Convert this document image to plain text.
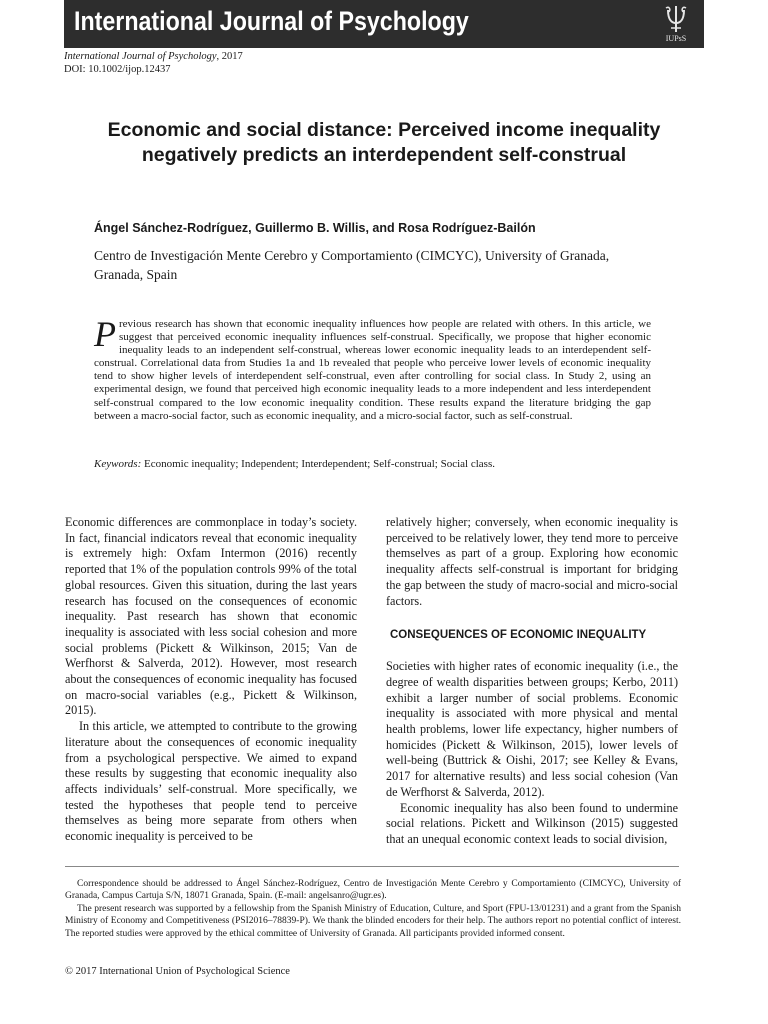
International Journal of Psychology
IUPsS
International Journal of Psychology, 2017
DOI: 10.1002/ijop.12437
Economic and social distance: Perceived income inequality negatively predicts an interdependent self-construal
Ángel Sánchez-Rodríguez, Guillermo B. Willis, and Rosa Rodríguez-Bailón
Centro de Investigación Mente Cerebro y Comportamiento (CIMCYC), University of Granada, Granada, Spain
Previous research has shown that economic inequality influences how people are related with others. In this article, we suggest that perceived economic inequality influences self-construal. Specifically, we propose that higher economic inequality leads to an independent self-construal, whereas lower economic inequality leads to an interdependent self-construal. Correlational data from Studies 1a and 1b revealed that people who perceive lower levels of economic inequality tend to show higher levels of interdependent self-construal, even after controlling for social class. In Study 2, using an experimental design, we found that perceived high economic inequality leads to a more independent and less interdependent self-construal compared to the low economic inequality condition. These results expand the literature bridging the gap between a macro-social factor, such as economic inequality, and a micro-social factor, such as self-construal.
Keywords: Economic inequality; Independent; Interdependent; Self-construal; Social class.

Economic differences are commonplace in today’s society. In fact, financial indicators reveal that economic inequality is extremely high: Oxfam Intermon (2016) recently reported that 1% of the population controls 99% of the total global resources. Given this situation, during the last years research has focused on the consequences of economic inequality. Past research has shown that economic inequality is associated with less social cohesion and more social problems (Pickett & Wilkinson, 2015; Van de Werfhorst & Salverda, 2012). However, most research about the consequences of economic inequality has focused on macro-social variables (e.g., Pickett & Wilkinson, 2015).

In this article, we attempted to contribute to the growing literature about the consequences of economic inequality from a psychological perspective. We aimed to expand these results by suggesting that economic inequality also affects individuals’ self-construal. More specifically, we tested the hypotheses that people tend to perceive themselves as being more separate from others when economic inequality is perceived to be

relatively higher; conversely, when economic inequality is perceived to be relatively lower, they tend more to perceive themselves as part of a group. Exploring how economic inequality affects self-construal is important for bridging the gap between the study of macro-social and micro-social factors.

CONSEQUENCES OF ECONOMIC INEQUALITY

Societies with higher rates of economic inequality (i.e., the degree of wealth disparities between groups; Kerbo, 2011) exhibit a larger number of social problems. Economic inequality is associated with more physical and mental health problems, lower life expectancy, higher numbers of homicides (Pickett & Wilkinson, 2015), lower levels of well-being (Buttrick & Oishi, 2017; see Kelley & Evans, 2017 for alternative results) and less social cohesion (Van de Werfhorst & Salverda, 2012).

Economic inequality has also been found to undermine social relations. Pickett and Wilkinson (2015) suggested that an unequal economic context leads to social division,

Correspondence should be addressed to Ángel Sánchez-Rodríguez, Centro de Investigación Mente Cerebro y Comportamiento (CIMCYC), University of Granada, Campus Cartuja S/N, 18071 Granada, Spain. (E-mail: angelsanro@ugr.es).

The present research was supported by a fellowship from the Spanish Ministry of Education, Culture, and Sport (FPU-13/01231) and a grant from the Spanish Ministry of Economy and Competitiveness (PSI2016–78839-P). We thank the blinded encoders for their help. The authors report no potential conflict of interest. The reported studies were approved by the ethical committee of University of Granada. All participants provided informed consent.

© 2017 International Union of Psychological Science
